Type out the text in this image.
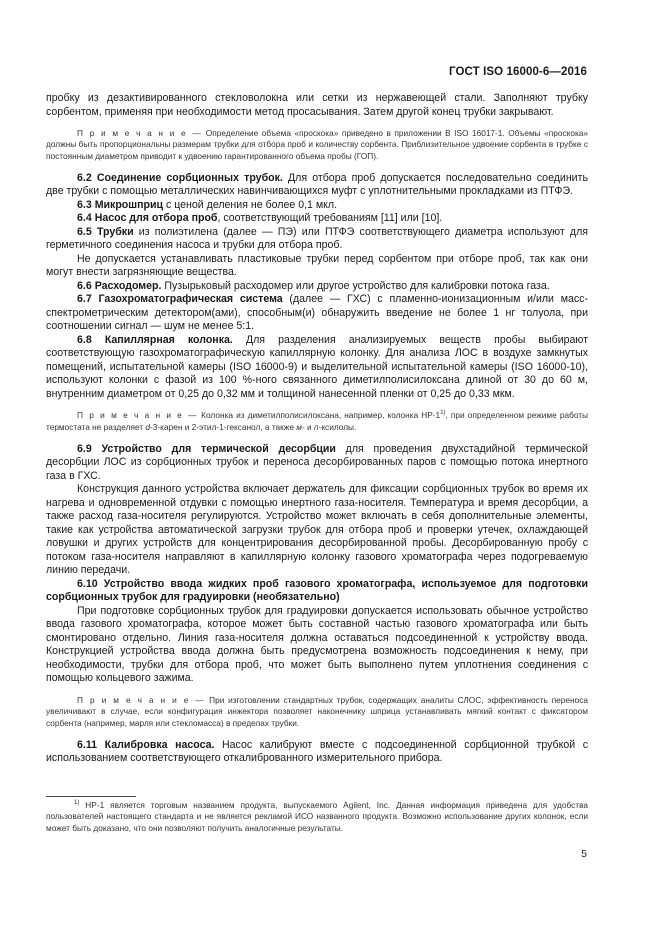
ГОСТ ISO 16000-6—2016

пробку из дезактивированного стекловолокна или сетки из нержавеющей стали. Заполняют трубку сорбентом, применяя при необходимости метод просасывания. Затем другой конец трубки закрывают.

П р и м е ч а н и е — Определение объема «проскока» приведено в приложении B ISO 16017-1. Объемы «проскока» должны быть пропорциональны размерам трубки для отбора проб и количеству сорбента. Приблизительное удвоение сорбента в трубке с постоянным диаметром приводит к удвоению гарантированного объема пробы (ГОП).

6.2 Соединение сорбционных трубок. Для отбора проб допускается последовательно соединить две трубки с помощью металлических навинчивающихся муфт с уплотнительными прокладками из ПТФЭ.

6.3 Микрошприц с ценой деления не более 0,1 мкл.

6.4 Насос для отбора проб, соответствующий требованиям [11] или [10].

6.5 Трубки из полиэтилена (далее — ПЭ) или ПТФЭ соответствующего диаметра используют для герметичного соединения насоса и трубки для отбора проб.

Не допускается устанавливать пластиковые трубки перед сорбентом при отборе проб, так как они могут внести загрязняющие вещества.

6.6 Расходомер. Пузырьковый расходомер или другое устройство для калибровки потока газа.

6.7 Газохроматографическая система (далее — ГХС) с пламенно-ионизационным и/или масс-спектрометрическим детектором(ами), способным(и) обнаружить введение не более 1 нг толуола, при соотношении сигнал — шум не менее 5:1.

6.8 Капиллярная колонка. Для разделения анализируемых веществ пробы выбирают соответствующую газохроматографическую капиллярную колонку. Для анализа ЛОС в воздухе замкнутых помещений, испытательной камеры (ISO 16000-9) и выделительной испытательной камеры (ISO 16000-10), используют колонки с фазой из 100 %-ного связанного диметилполисилоксана длиной от 30 до 60 м, внутренним диаметром от 0,25 до 0,32 мм и толщиной нанесенной пленки от 0,25 до 0,33 мкм.

П р и м е ч а н и е — Колонка из диметилполисилоксана, например, колонка НР-1$^{1)}$, при определенном режиме работы термостата не разделяет d-3-карен и 2-этил-1-гексанол, а также м- и п-ксилолы.

6.9 Устройство для термической десорбции для проведения двухстадийной термической десорбции ЛОС из сорбционных трубок и переноса десорбированных паров с помощью потока инертного газа в ГХС.

Конструкция данного устройства включает держатель для фиксации сорбционных трубок во время их нагрева и одновременной отдувки с помощью инертного газа-носителя. Температура и время десорбции, а также расход газа-носителя регулируются. Устройство может включать в себя дополнительные элементы, такие как устройства автоматической загрузки трубок для отбора проб и проверки утечек, охлаждающей ловушки и других устройств для концентрирования десорбированной пробы. Десорбированную пробу с потоком газа-носителя направляют в капиллярную колонку газового хроматографа через подогреваемую линию передачи.

6.10 Устройство ввода жидких проб газового хроматографа, используемое для подготовки сорбционных трубок для градуировки (необязательно)

При подготовке сорбционных трубок для градуировки допускается использовать обычное устройство ввода газового хроматографа, которое может быть составной частью газового хроматографа или быть смонтировано отдельно. Линия газа-носителя должна оставаться подсоединенной к устройству ввода. Конструкцией устройства ввода должна быть предусмотрена возможность подсоединения к нему, при необходимости, трубки для отбора проб, что может быть выполнено путем уплотнения соединения с помощью кольцевого зажима.

П р и м е ч а н и е — При изготовлении стандартных трубок, содержащих аналиты СЛОС, эффективность переноса увеличивают в случае, если конфигурация инжектора позволяет наконечнику шприца устанавливать мягкий контакт с фиксатором сорбента (например, марля или стекломасса) в пределах трубки.

6.11 Калибровка насоса. Насос калибруют вместе с подсоединенной сорбционной трубкой с использованием соответствующего откалиброванного измерительного прибора.

$^{1)}$ НР-1 является торговым названием продукта, выпускаемого Agilent, Inc. Данная информация приведена для удобства пользователей настоящего стандарта и не является рекламой ИСО названного продукта. Возможно использование других колонок, если может быть доказано, что они позволяют получить аналогичные результаты.

5
